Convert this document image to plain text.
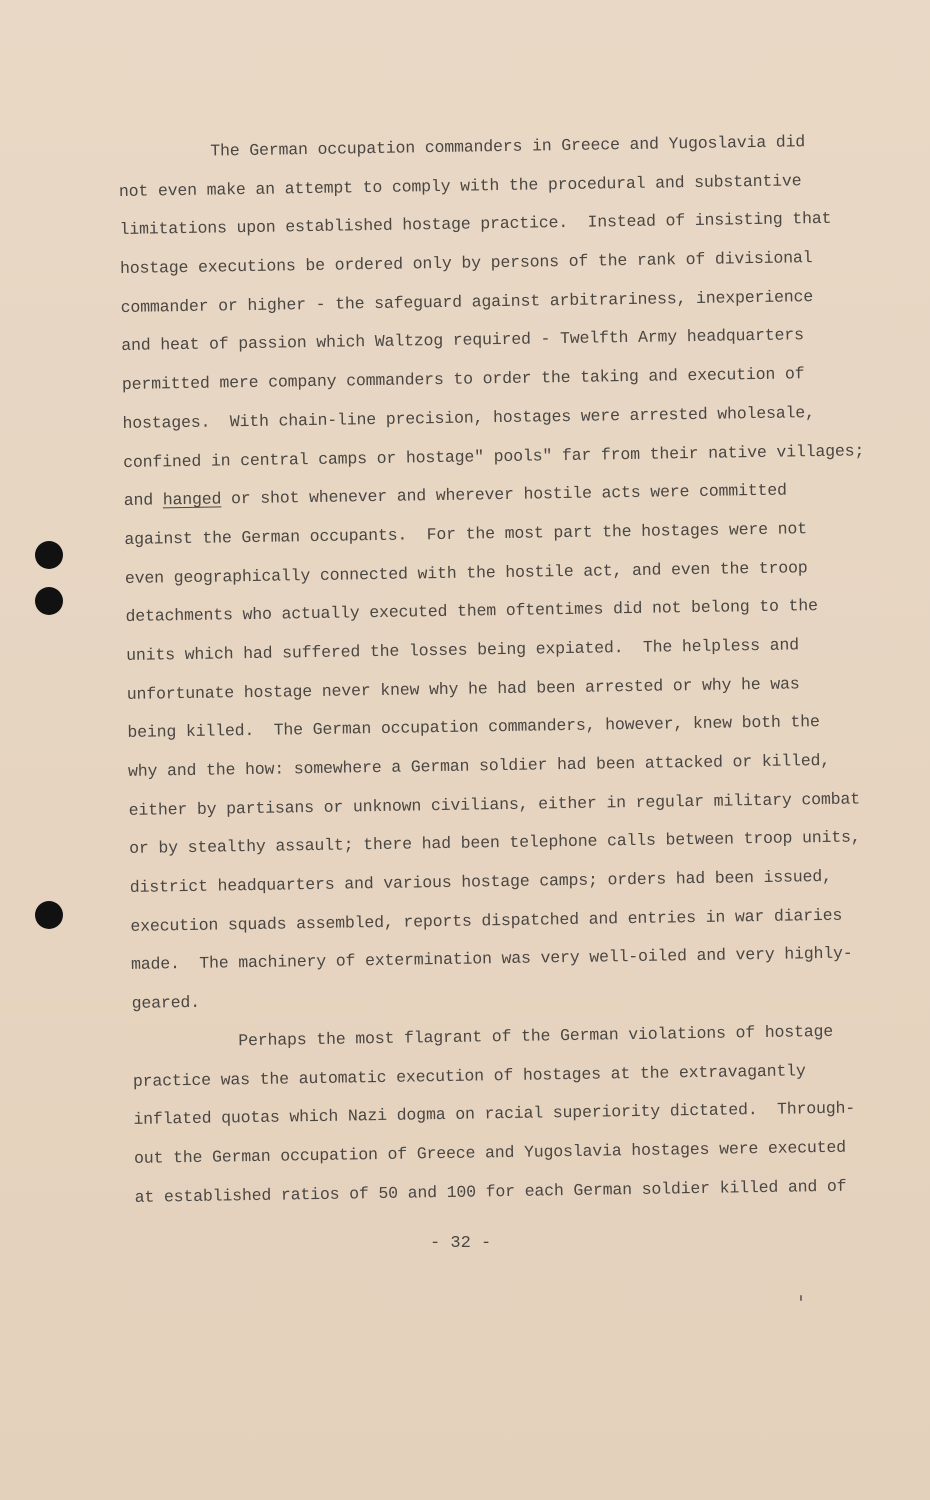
The German occupation commanders in Greece and Yugoslavia did
not even make an attempt to comply with the procedural and substantive
limitations upon established hostage practice.  Instead of insisting that
hostage executions be ordered only by persons of the rank of divisional
commander or higher - the safeguard against arbitrariness, inexperience
and heat of passion which Waltzog required - Twelfth Army headquarters
permitted mere company commanders to order the taking and execution of
hostages.  With chain-line precision, hostages were arrested wholesale,
confined in central camps or hostage" pools" far from their native villages;
and hanged or shot whenever and wherever hostile acts were committed
against the German occupants.  For the most part the hostages were not
even geographically connected with the hostile act, and even the troop
detachments who actually executed them oftentimes did not belong to the
units which had suffered the losses being expiated.  The helpless and
unfortunate hostage never knew why he had been arrested or why he was
being killed.  The German occupation commanders, however, knew both the
why and the how: somewhere a German soldier had been attacked or killed,
either by partisans or unknown civilians, either in regular military combat
or by stealthy assault; there had been telephone calls between troop units,
district headquarters and various hostage camps; orders had been issued,
execution squads assembled, reports dispatched and entries in war diaries
made.  The machinery of extermination was very well-oiled and very highly-
geared.
Perhaps the most flagrant of the German violations of hostage
practice was the automatic execution of hostages at the extravagantly
inflated quotas which Nazi dogma on racial superiority dictated.  Through-
out the German occupation of Greece and Yugoslavia hostages were executed
at established ratios of 50 and 100 for each German soldier killed and of
- 32 -
